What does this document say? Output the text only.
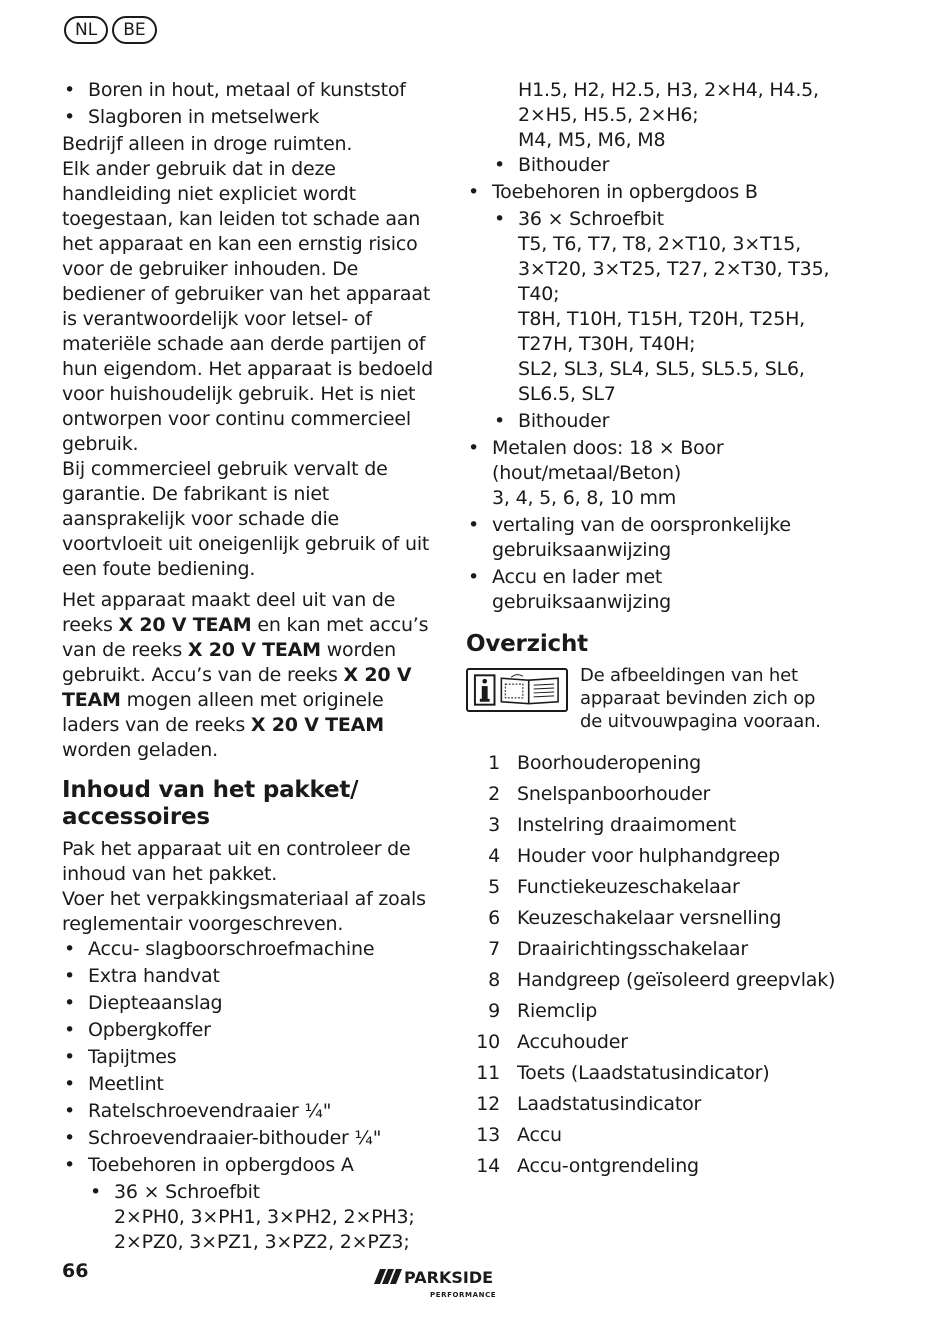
NL	BE
• Boren in hout, metaal of kunststof
• Slagboren in metselwerk

Bedrijf alleen in droge ruimten.

Elk ander gebruik dat in deze handleiding niet expliciet wordt toegestaan, kan leiden tot schade aan het apparaat en kan een ernstig risico voor de gebruiker inhouden. De bediener of gebruiker van het apparaat is verantwoordelijk voor letsel- of materiële schade aan derde partijen of hun eigendom. Het apparaat is bedoeld voor huishoudelijk gebruik. Het is niet ontworpen voor continu commercieel gebruik.

Bij commercieel gebruik vervalt de garantie. De fabrikant is niet aansprakelijk voor schade die voortvloeit uit oneigenlijk gebruik of uit een foute bediening.

Het apparaat maakt deel uit van de reeks X 20 V TEAM en kan met accu’s van de reeks X 20 V TEAM worden gebruikt. Accu’s van de reeks X 20 V TEAM mogen alleen met originele laders van de reeks X 20 V TEAM worden geladen.

Inhoud van het pakket/ accessoires

Pak het apparaat uit en controleer de inhoud van het pakket.

Voer het verpakkingsmateriaal af zoals reglementair voorgeschreven.

• Accu- slagboorschroefmachine
• Extra handvat
• Diepteaanslag
• Opbergkoffer
• Tapijtmes
• Meetlint
• Ratelschroevendraaier ¼"
• Schroevendraaier-bithouder ¼"
• Toebehoren in opbergdoos A
• 36 × Schroefbit
2×PH0, 3×PH1, 3×PH2, 2×PH3;
2×PZ0, 3×PZ1, 3×PZ2, 2×PZ3;
H1.5, H2, H2.5, H3, 2×H4, H4.5,
2×H5, H5.5, 2×H6;
M4, M5, M6, M8
• Bithouder
• Toebehoren in opbergdoos B
• 36 × Schroefbit
T5, T6, T7, T8, 2×T10, 3×T15,
3×T20, 3×T25, T27, 2×T30, T35,
T40;
T8H, T10H, T15H, T20H, T25H,
T27H, T30H, T40H;
SL2, SL3, SL4, SL5, SL5.5, SL6,
SL6.5, SL7
• Bithouder
• Metalen doos: 18 × Boor
(hout/metaal/Beton)
3, 4, 5, 6, 8, 10 mm
• vertaling van de oorspronkelijke gebruiksaanwijzing
• Accu en lader met gebruiksaanwijzing
Overzicht
De afbeeldingen van het apparaat bevinden zich op de uitvouwpagina vooraan.
1 Boorhouderopening
2 Snelspanboorhouder
3 Instelring draaimoment
4 Houder voor hulphandgreep
5 Functiekeuzeschakelaar
6 Keuzeschakelaar versnelling
7 Draairichtingsschakelaar
8 Handgreep (geïsoleerd greepvlak)
9 Riemclip
10 Accuhouder
11 Toets (Laadstatusindicator)
12 Laadstatusindicator
13 Accu
14 Accu-ontgrendeling
66	PARKSIDE
PERFORMANCE
